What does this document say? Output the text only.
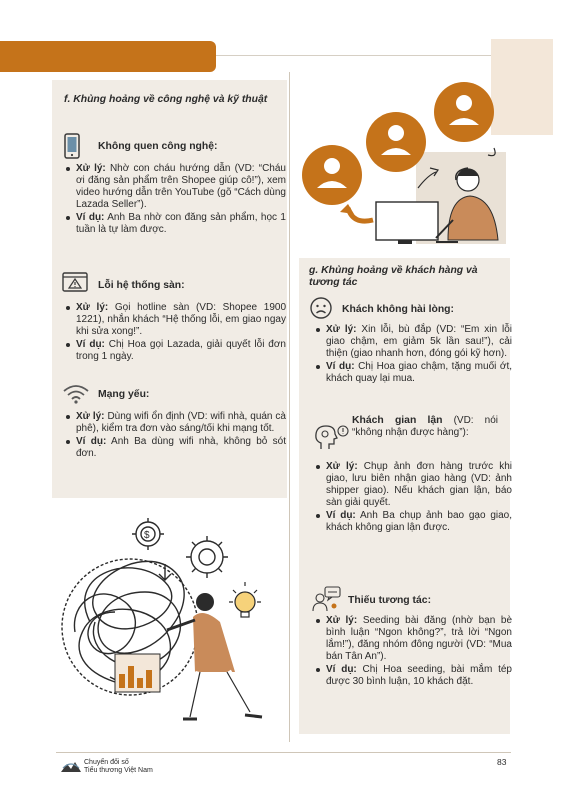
f. Khủng hoảng về công nghệ và kỹ thuật
Không quen công nghệ:
Xử lý: Nhờ con cháu hướng dẫn (VD: “Cháu ơi đăng sản phẩm trên Shopee giúp cô!”), xem video hướng dẫn trên YouTube (gõ “Cách dùng Lazada Seller”).
Ví dụ: Anh Ba nhờ con đăng sản phẩm, học 1 tuần là tự làm được.
Lỗi hệ thống sàn:
Xử lý: Gọi hotline sàn (VD: Shopee 1900 1221), nhắn khách “Hệ thống lỗi, em giao ngay khi sửa xong!”.
Ví dụ: Chị Hoa gọi Lazada, giải quyết lỗi đơn trong 1 ngày.
Mạng yếu:
Xử lý: Dùng wifi ổn định (VD: wifi nhà, quán cà phê), kiểm tra đơn vào sáng/tối khi mạng tốt.
Ví dụ: Anh Ba dùng wifi nhà, không bỏ sót đơn.
$
g. Khủng hoảng về khách hàng và tương tác
Khách không hài lòng:
Xử lý: Xin lỗi, bù đắp (VD: “Em xin lỗi giao chậm, em giảm 5k lần sau!”), cải thiện (giao nhanh hơn, đóng gói kỹ hơn).
Ví dụ: Chị Hoa giao chậm, tặng muối ớt, khách quay lại mua.
Khách gian lận (VD: nói “không nhận được hàng”):
Xử lý: Chụp ảnh đơn hàng trước khi giao, lưu biên nhận giao hàng (VD: ảnh shipper giao). Nếu khách gian lận, báo sàn giải quyết.
Ví dụ: Anh Ba chụp ảnh bao gạo giao, khách không gian lận được.
Thiếu tương tác:
Xử lý: Seeding bài đăng (nhờ bạn bè bình luận “Ngon không?”, trả lời “Ngon lắm!”), đăng nhóm đông người (VD: “Mua bán Tân An”).
Ví dụ: Chị Hoa seeding, bài mắm tép được 30 bình luận, 10 khách đặt.
Chuyển đổi số
Tiểu thương Việt Nam
83
